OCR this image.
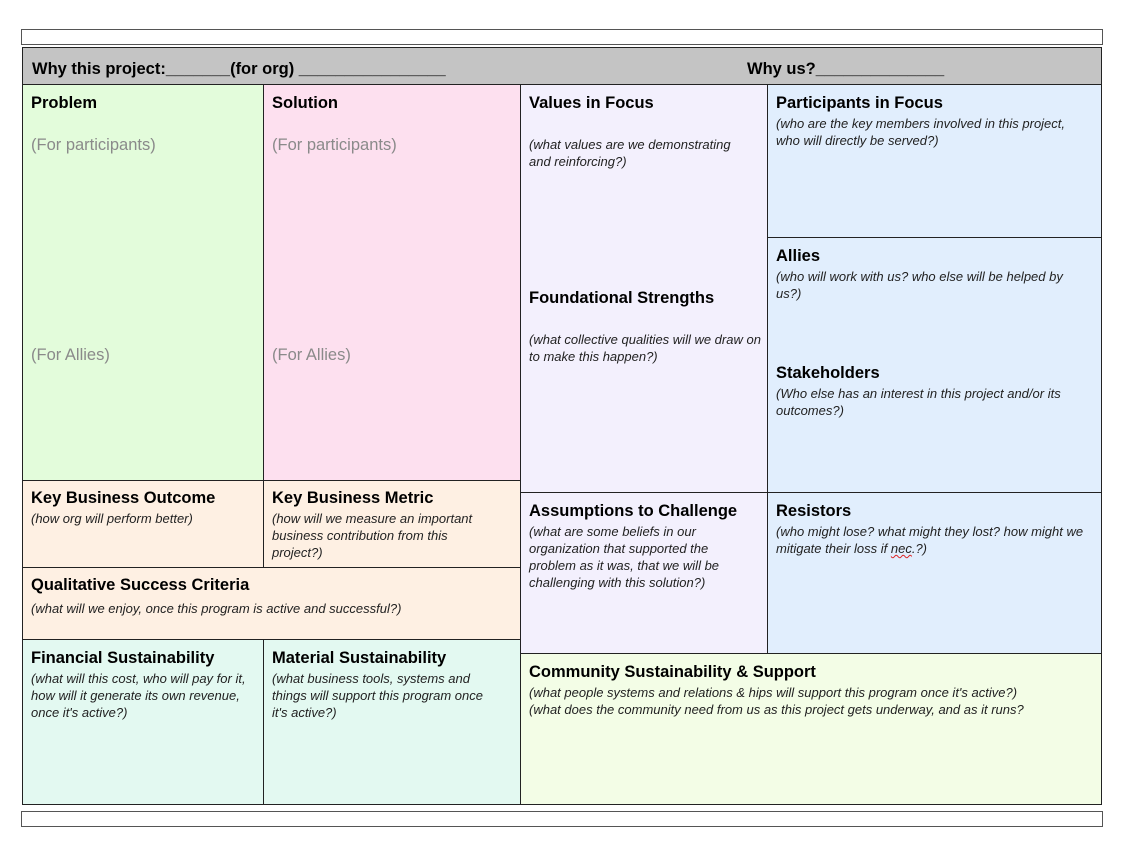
Why this project:_______(for org) ________________	Why us?______________
Problem
(For participants)
(For Allies)
Solution
(For participants)
(For Allies)
Values in Focus
(what values are we demonstrating and reinforcing?)
Foundational Strengths
(what collective qualities will we draw on to make this happen?)
Participants in Focus
(who are the key members involved in this project, who will directly be served?)
Allies
(who will work with us? who else will be helped by us?)
Stakeholders
(Who else has an interest in this project and/or its outcomes?)
Key Business Outcome
(how org will perform better)
Key Business Metric
(how will we measure an important business contribution from this project?)
Assumptions to Challenge
(what are some beliefs in our organization that supported the problem as it was, that we will be challenging with this solution?)
Resistors
(who might lose? what might they lost? how might we mitigate their loss if nec.?)
Qualitative Success Criteria
(what will we enjoy, once this program is active and successful?)
Financial Sustainability
(what will this cost, who will pay for it, how will it generate its own revenue, once it's active?)
Material Sustainability
(what business tools, systems and things will support this program once it's active?)
Community Sustainability & Support
(what people systems and relations & hips will support this program once it's active?)
(what does the community need from us as this project gets underway, and as it runs?
